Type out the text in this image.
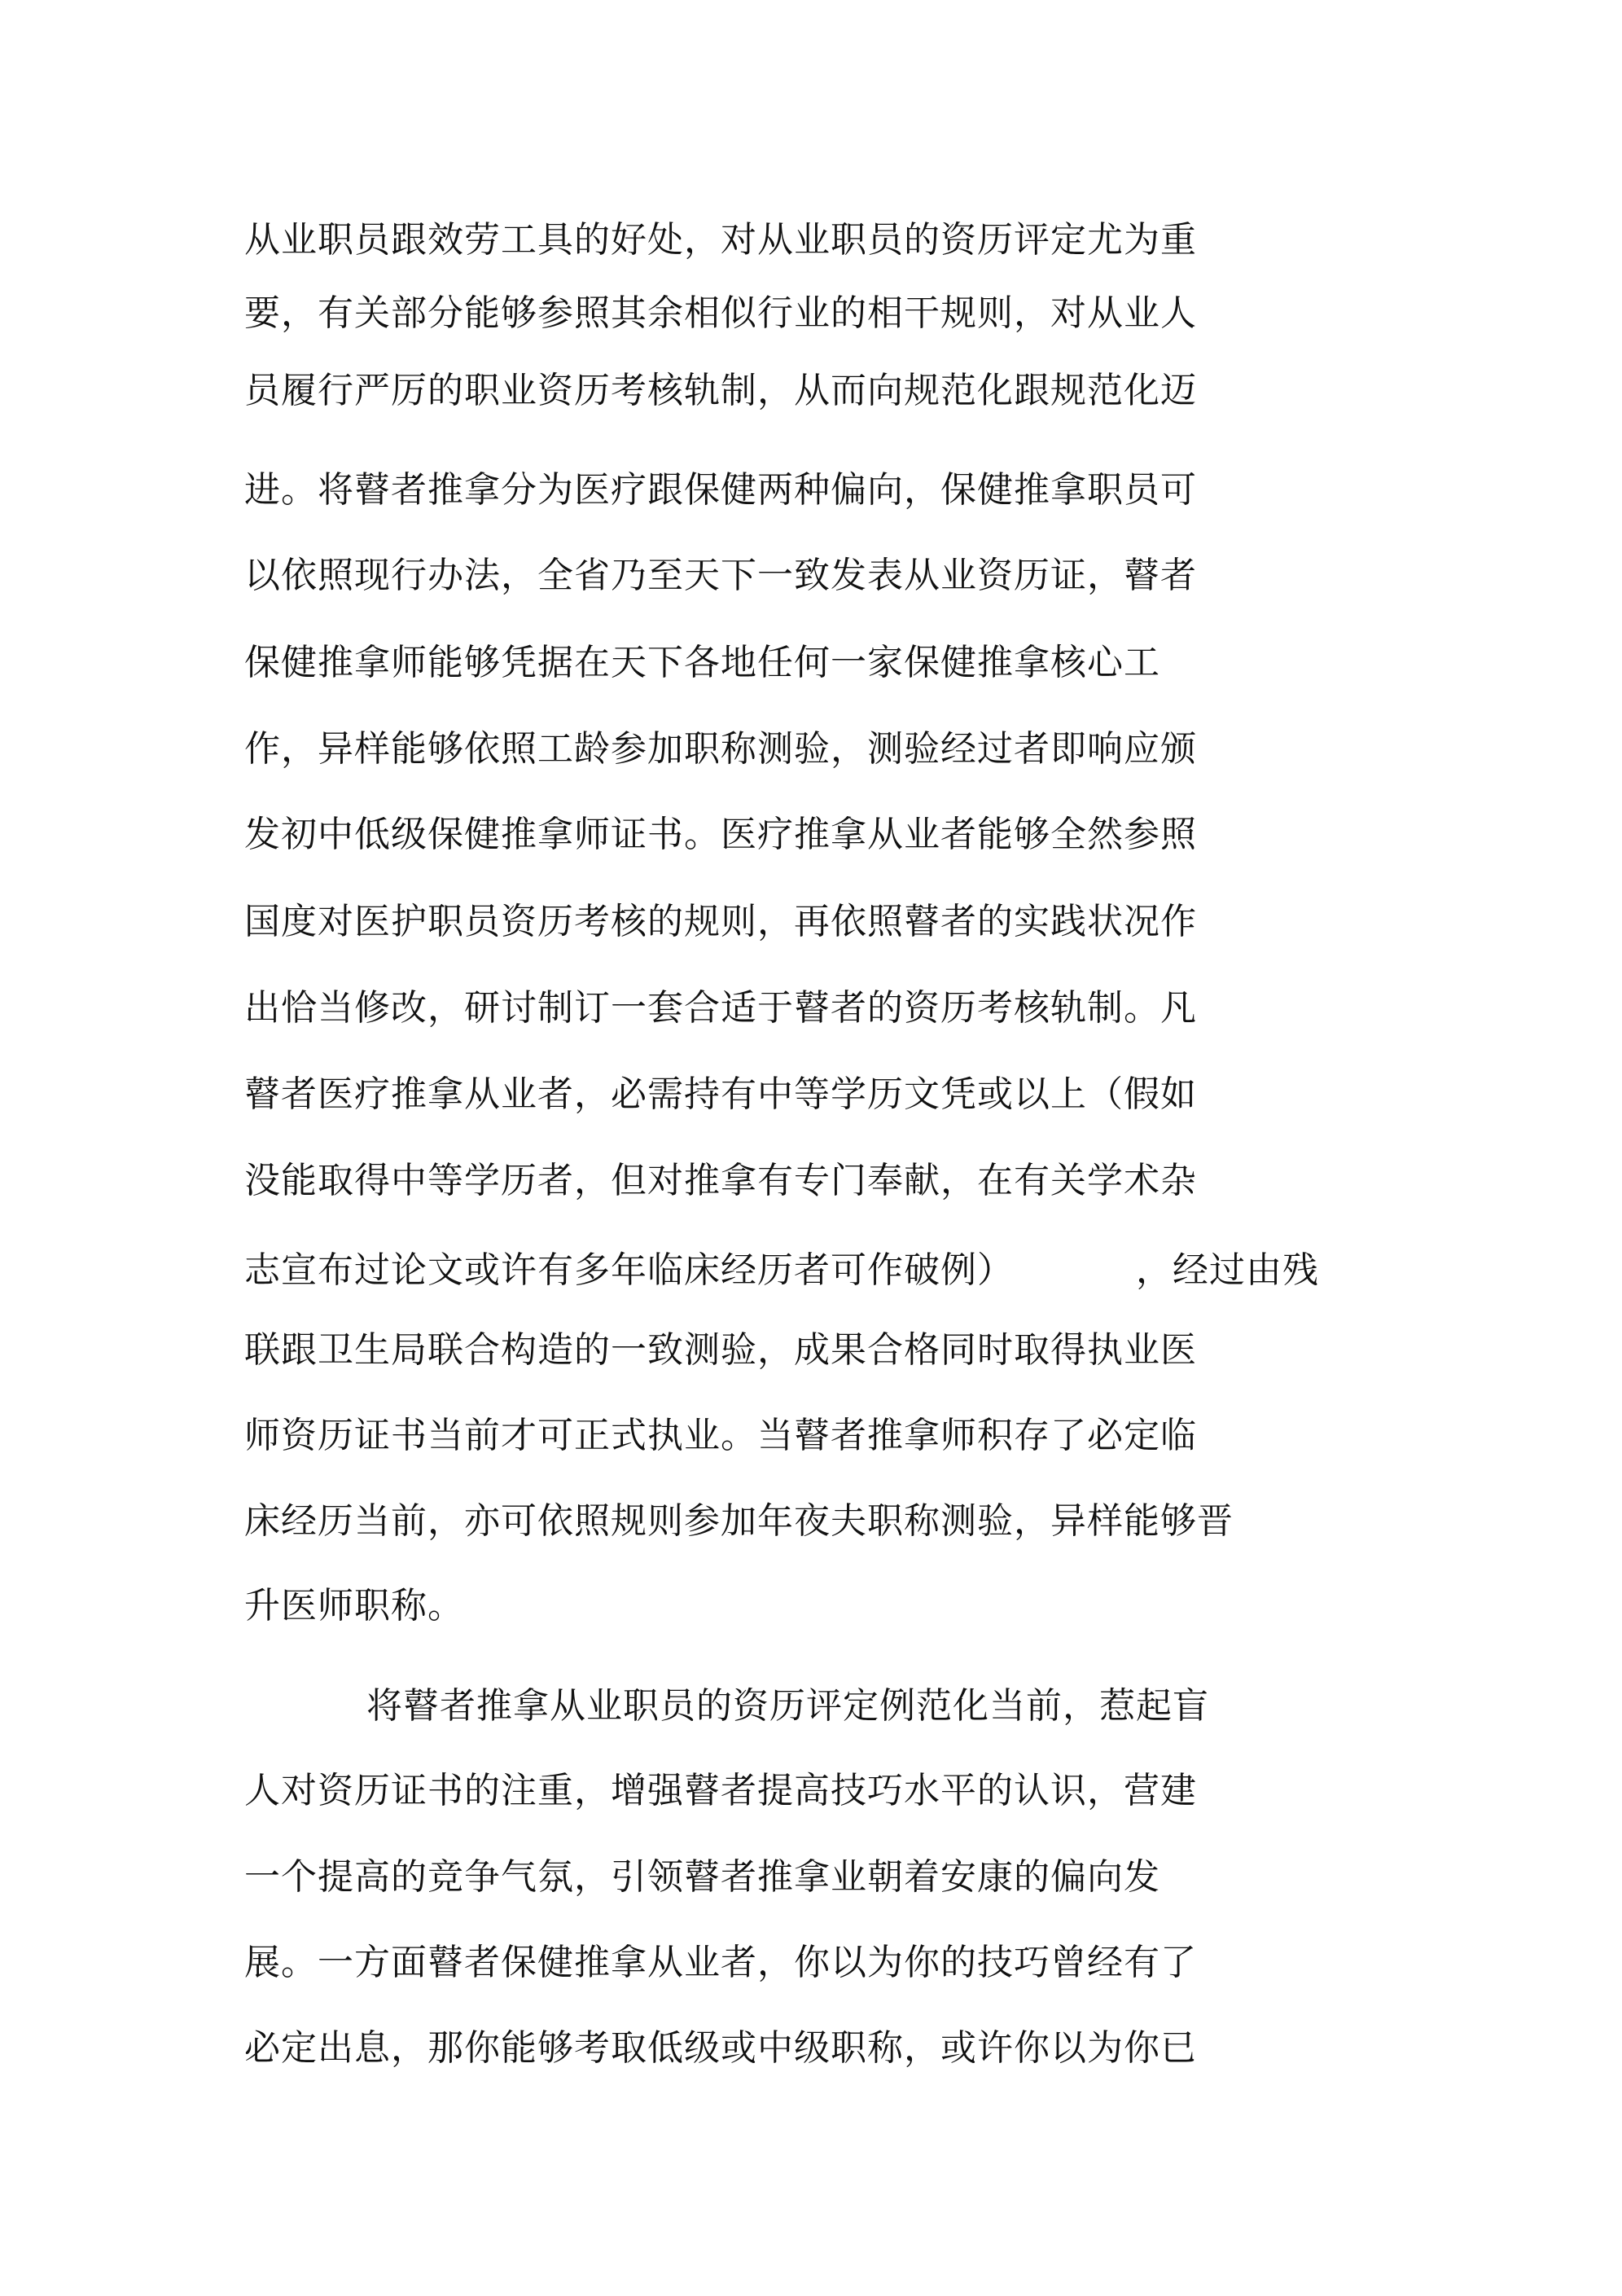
从业职员跟效劳工具的好处，对从业职员的资历评定尤为重
要，有关部分能够参照其余相似行业的相干规则，对从业人
员履行严厉的职业资历考核轨制，从而向规范化跟规范化迈
进。将瞽者推拿分为医疗跟保健两种偏向，保健推拿职员可
以依照现行办法，全省乃至天下一致发表从业资历证，瞽者
保健推拿师能够凭据在天下各地任何一家保健推拿核心工
作，异样能够依照工龄参加职称测验，测验经过者即响应颁
发初中低级保健推拿师证书。医疗推拿从业者能够全然参照
国度对医护职员资历考核的规则，再依照瞽者的实践状况作
出恰当修改，研讨制订一套合适于瞽者的资历考核轨制。凡
瞽者医疗推拿从业者，必需持有中等学历文凭或以上（假如
没能取得中等学历者，但对推拿有专门奉献，在有关学术杂
志宣布过论文或许有多年临床经历者可作破例）	，经过由残
联跟卫生局联合构造的一致测验，成果合格同时取得执业医
师资历证书当前才可正式执业。当瞽者推拿师积存了必定临
床经历当前，亦可依照规则参加年夜夫职称测验，异样能够晋
升医师职称。
将瞽者推拿从业职员的资历评定例范化当前，惹起盲
人对资历证书的注重，增强瞽者提高技巧水平的认识，营建
一个提高的竞争气氛，引领瞽者推拿业朝着安康的偏向发
展。一方面瞽者保健推拿从业者，你以为你的技巧曾经有了
必定出息，那你能够考取低级或中级职称，或许你以为你已
